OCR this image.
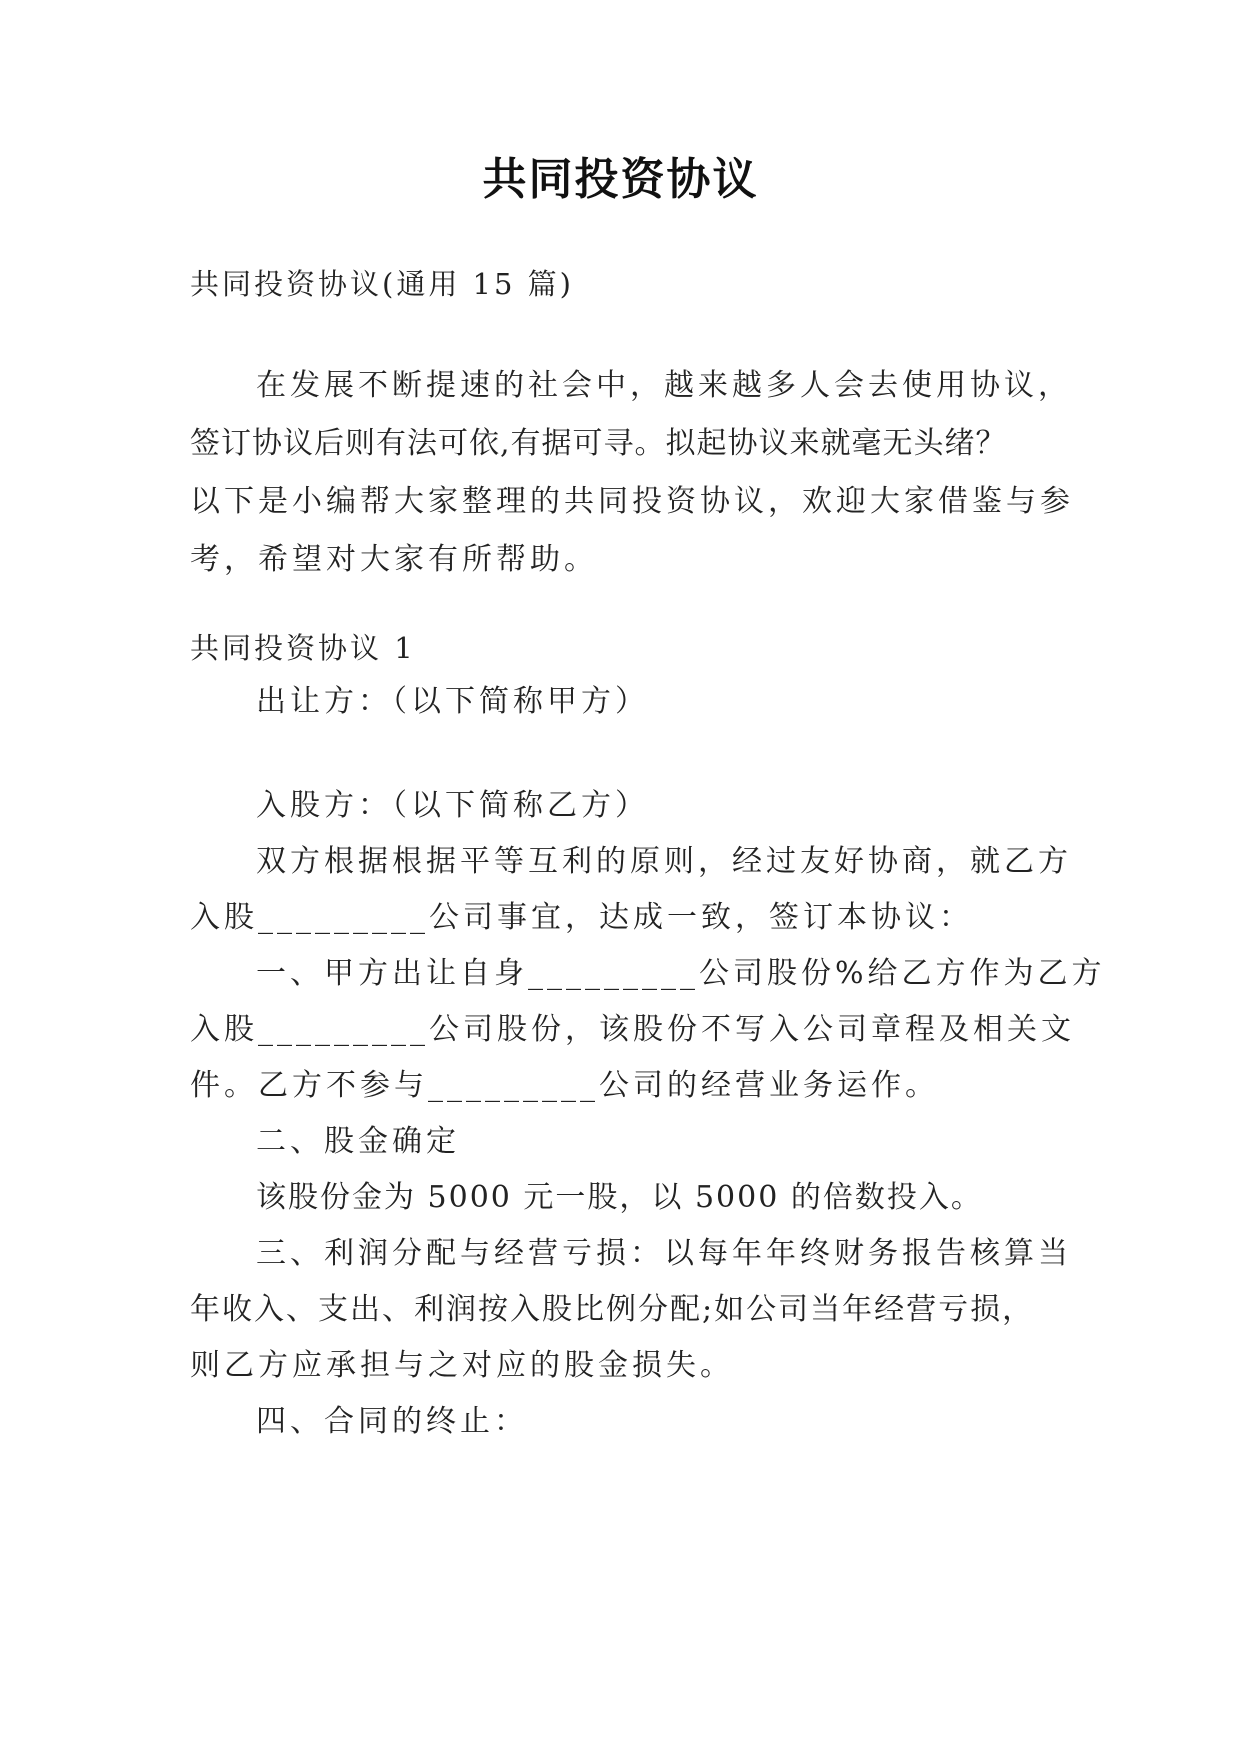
共同投资协议
共同投资协议(通用 15 篇)
在发展不断提速的社会中，越来越多人会去使用协议，
签订协议后则有法可依,有据可寻。拟起协议来就毫无头绪？
以下是小编帮大家整理的共同投资协议，欢迎大家借鉴与参
考，希望对大家有所帮助。
共同投资协议 1
出让方：（以下简称甲方）
入股方：（以下简称乙方）
双方根据根据平等互利的原则，经过友好协商，就乙方
入股_________公司事宜，达成一致，签订本协议：
一、甲方出让自身_________公司股份%给乙方作为乙方
入股_________公司股份，该股份不写入公司章程及相关文
件。乙方不参与_________公司的经营业务运作。
二、股金确定
该股份金为 5000 元一股，以 5000 的倍数投入。
三、利润分配与经营亏损：以每年年终财务报告核算当
年收入、支出、利润按入股比例分配;如公司当年经营亏损，
则乙方应承担与之对应的股金损失。
四、合同的终止：
